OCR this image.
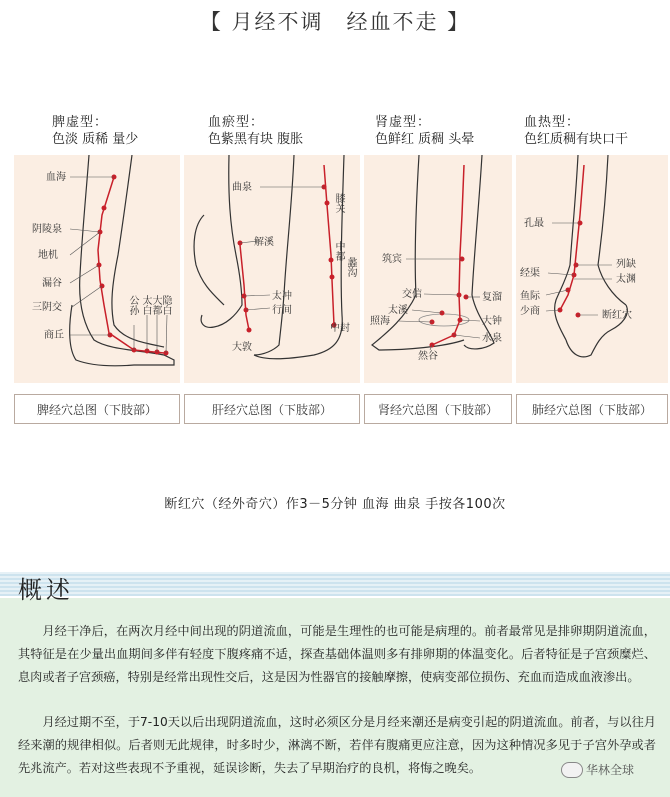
【 月经不调　经血不走 】
脾虚型：
色淡 质稀 量少
血瘀型：
色紫黑有块 腹胀
肾虚型：
色鲜红 质稠 头晕
血热型：
色红质稠有块口干
血海
阴陵泉
地机
漏谷
三阴交
商丘
公孙
太白
大都
隐白
曲泉
解溪
太冲
行间
大敦
中封
膝关
中都
蠡沟
筑宾
交信
太溪
照海
然谷
复溜
大钟
水泉
孔最
经渠
鱼际
少商
列缺
太渊
断红穴
脾经穴总图（下肢部）	肝经穴总图（下肢部）	肾经穴总图（下肢部）	肺经穴总图（下肢部）
断红穴（经外奇穴）作3－5分钟 血海 曲泉 手按各100次
概述

月经干净后，在两次月经中间出现的阴道流血，可能是生理性的也可能是病理的。前者最常见是排卵期阴道流血，其特征是在少量出血期间多伴有轻度下腹疼痛不适，探查基础体温则多有排卵期的体温变化。后者特征是子宫颈糜烂、息肉或者子宫颈癌，特别是经常出现性交后，这是因为性器官的接触摩擦，使病变部位损伤、充血而造成血液渗出。

月经过期不至，于7-10天以后出现阴道流血，这时必须区分是月经来潮还是病变引起的阴道流血。前者，与以往月经来潮的规律相似。后者则无此规律，时多时少，淋漓不断，若伴有腹痛更应注意，因为这种情况多见于子宫外孕或者先兆流产。若对这些表现不予重视，延误诊断，失去了早期治疗的良机，将悔之晚矣。	华林全球
